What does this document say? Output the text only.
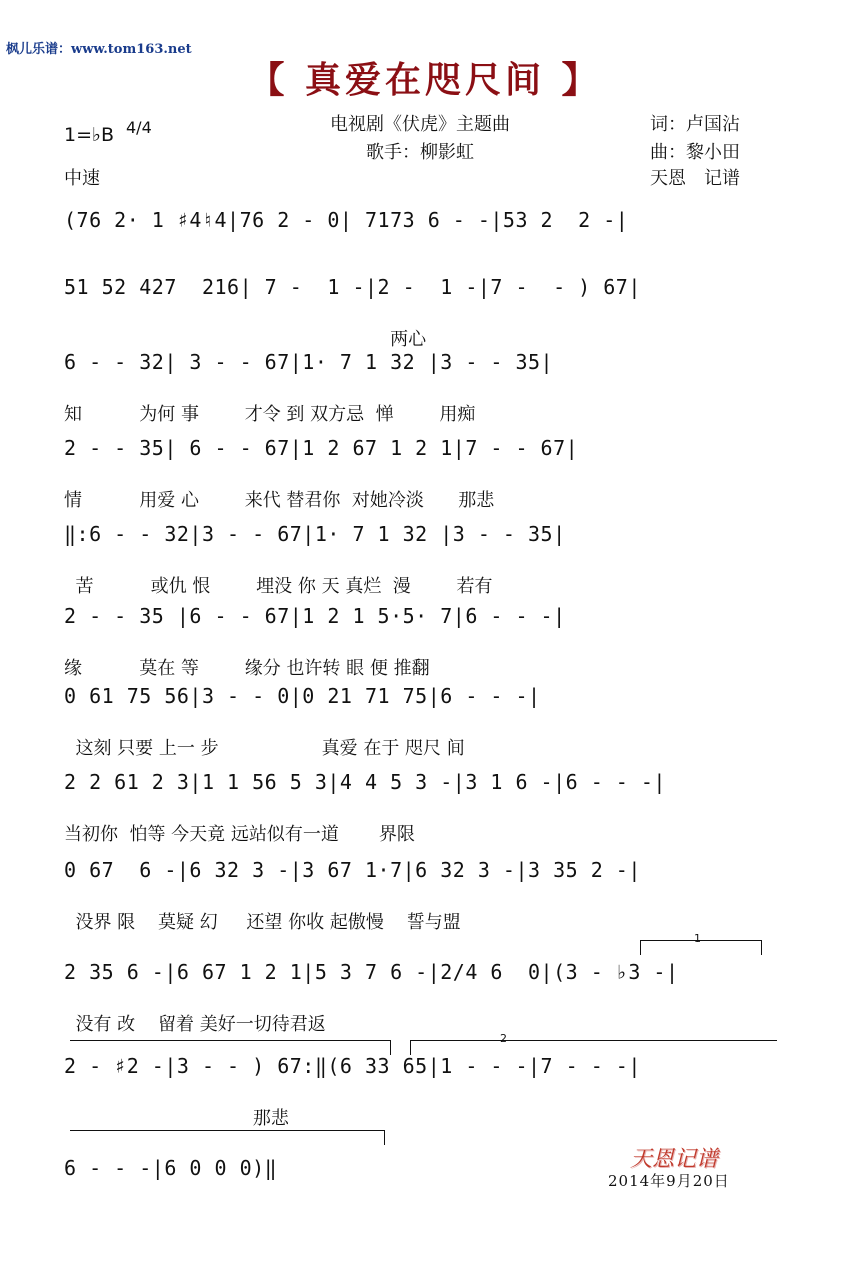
枫儿乐谱：www.tom163.net
【 真爱在咫尺间 】
电视剧《伏虎》主题曲
歌手：柳影虹
词：卢国沾
曲：黎小田
天恩　记谱
1=♭B 4/4
中速
(76 2· 1 ♯4♮4|76 2 - 0| 7173 6 - -|53 2  2 -|
51 52 427  216| 7 -  1 -|2 -  1 -|7 -  - ) 67|
两心
6 - - 32| 3 - - 67|1· 7 1 32 |3 - - 35|
知          为何 事        才令 到 双方忌  惮        用痴
2 - - 35| 6 - - 67|1 2 67 1 2 1|7 - - 67|
情          用爱 心        来代 替君你  对她冷淡      那悲
‖:6 - - 32|3 - - 67|1· 7 1 32 |3 - - 35|
苦          或仇 恨        埋没 你 天 真烂  漫        若有
2 - - 35 |6 - - 67|1 2 1 5·5· 7|6 - - -|
缘          莫在 等        缘分 也许转 眼 便 推翻
0 61 75 56|3 - - 0|0 21 71 75|6 - - -|
这刻 只要 上一 步                  真爱 在于 咫尺 间
2 2 61 2 3|1 1 56 5 3|4 4 5 3 -|3 1 6 -|6 - - -|
当初你  怕等 今天竟 远站似有一道       界限
0 67  6 -|6 32 3 -|3 67 1·7|6 32 3 -|3 35 2 -|
没界 限    莫疑 幻     还望 你收 起傲慢    誓与盟
2 35 6 -|6 67 1 2 1|5 3 7 6 -|2/4 6  0|(3 - ♭3 -|
没有 改    留着 美好一切待君返
2 - ♯2 -|3 - - ) 67:‖(6 33 65|1 - - -|7 - - -|
那悲
6 - - -|6 0 0 0)‖
1
2
天恩记谱
2014年9月20日
